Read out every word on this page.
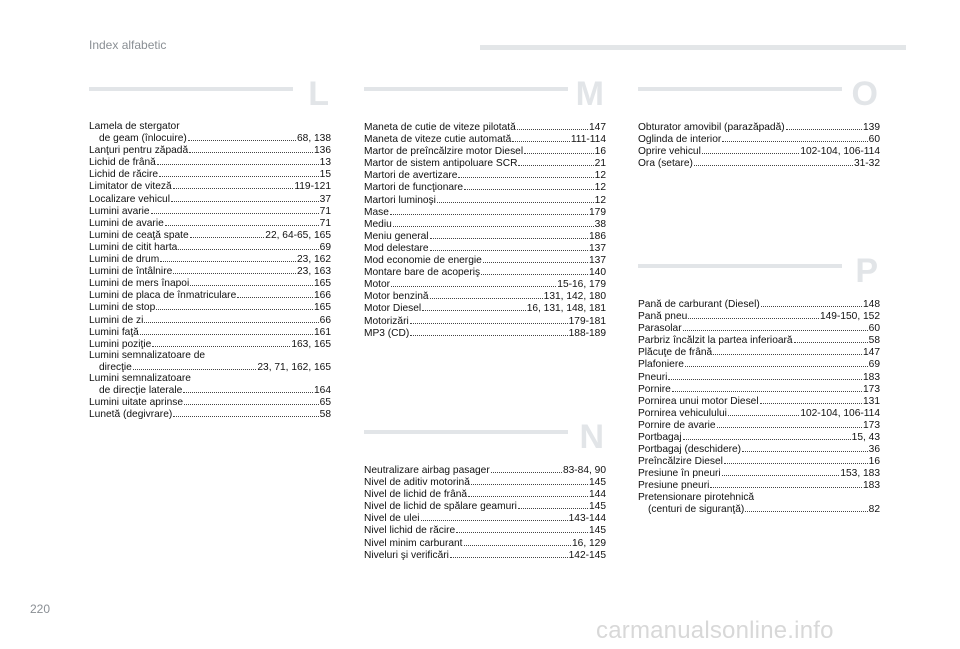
Index alfabetic
L
Lamela de stergator
de geam (înlocuire)	68, 138
Lanţuri pentru zăpadă	136
Lichid de frână	13
Lichid de răcire	15
Limitator de viteză	119-121
Localizare vehicul	37
Lumini avarie	71
Lumini de avarie	71
Lumini de ceaţă spate	22, 64-65, 165
Lumini de citit harta	69
Lumini de drum	23, 162
Lumini de întâlnire	23, 163
Lumini de mers înapoi	165
Lumini de placa de înmatriculare	166
Lumini de stop	165
Lumini de zi	66
Lumini faţă	161
Lumini poziţie	163, 165
Lumini semnalizatoare de
direcţie	23, 71, 162, 165
Lumini semnalizatoare
de direcţie laterale	164
Lumini uitate aprinse	65
Lunetă (degivrare)	58
M
Maneta de cutie de viteze pilotată	147
Maneta de viteze cutie automată	111-114
Martor de preîncălzire motor Diesel	16
Martor de sistem antipoluare SCR	21
Martori de avertizare	12
Martori de funcţionare	12
Martori luminoşi	12
Mase	179
Mediu	38
Meniu general	186
Mod delestare	137
Mod economie de energie	137
Montare bare de acoperiş	140
Motor	15-16, 179
Motor benzină	131, 142, 180
Motor Diesel	16, 131, 148, 181
Motorizări	179-181
MP3 (CD)	188-189
N
Neutralizare airbag pasager	83-84, 90
Nivel de aditiv motorină	145
Nivel de lichid de frână	144
Nivel de lichid de spălare geamuri	145
Nivel de ulei	143-144
Nivel lichid de răcire	145
Nivel minim carburant	16, 129
Niveluri şi verificări	142-145
O
Obturator amovibil (parazăpadă)	139
Oglinda de interior	60
Oprire vehicul	102-104, 106-114
Ora (setare)	31-32
P
Pană de carburant (Diesel)	148
Pană pneu	149-150, 152
Parasolar	60
Parbriz încălzit la partea inferioară	58
Plăcuţe de frână	147
Plafoniere	69
Pneuri	183
Pornire	173
Pornirea unui motor Diesel	131
Pornirea vehiculului	102-104, 106-114
Pornire de avarie	173
Portbagaj	15, 43
Portbagaj (deschidere)	36
Preîncălzire Diesel	16
Presiune în pneuri	153, 183
Presiune pneuri	183
Pretensionare pirotehnică
(centuri de siguranţă)	82
220
carmanualsonline.info
